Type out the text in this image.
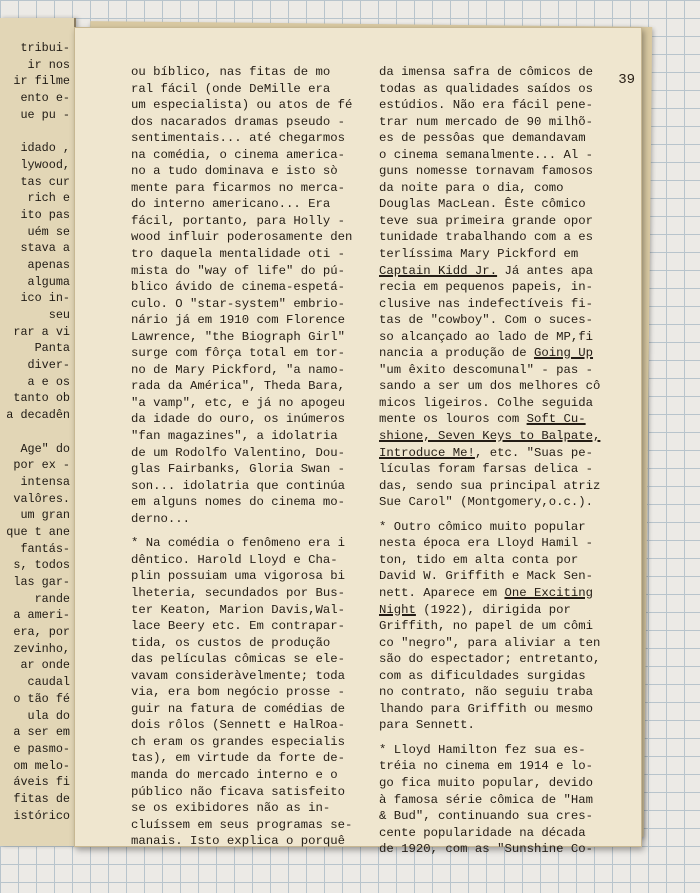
tribui-
ir nos
ir filme
ento e-
ue pu -
idado ,
lywood,
tas cur
rich e
ito pas
uém se
stava a
apenas
alguma
ico in-
seu
rar a vi
Panta
diver-
a e os
tanto ob
a decadên
Age" do
por ex -
intensa
valôres.
um gran
que t ane
fantás-
s, todos
las gar-
rande
a ameri-
era, por
zevinho,
ar onde
caudal
o tão fé
ula do
a ser em
e pasmo-
om melo-
áveis fi
fitas de
istórico
39
ou bíblico, nas fitas de mo
ral fácil (onde DeMille era
um especialista) ou atos de fé
dos nacarados dramas pseudo -
sentimentais... até chegarmos
na comédia, o cinema america-
no a tudo dominava e isto sò
mente para ficarmos no merca-
do interno americano... Era
fácil, portanto, para Holly -
wood influir poderosamente den
tro daquela mentalidade oti -
mista do "way of life" do pú-
blico ávido de cinema-espetá-
culo. O "star-system" embrio-
nário já em 1910 com Florence
Lawrence, "the Biograph Girl"
surge com fôrça total em tor-
no de Mary Pickford, "a namo-
rada da América", Theda Bara,
"a vamp", etc, e já no apogeu
da idade do ouro, os inúmeros
"fan magazines", a idolatria
de um Rodolfo Valentino, Dou-
glas Fairbanks, Gloria Swan -
son... idolatria que continúa
em alguns nomes do cinema mo-
derno...
* Na comédia o fenômeno era i
dêntico. Harold Lloyd e Cha-
plin possuiam uma vigorosa bi
lheteria, secundados por Bus-
ter Keaton, Marion Davis,Wal-
lace Beery etc. Em contrapar-
tida, os custos de produção
das películas cômicas se ele-
vavam consideràvelmente; toda
via, era bom negócio prosse -
guir na fatura de comédias de
dois rôlos (Sennett e HalRoa-
ch eram os grandes especialis
tas), em virtude da forte de-
manda do mercado interno e o
público não ficava satisfeito
se os exibidores não as in-
cluíssem em seus programas se-
manais. Isto explica o porquê
da imensa safra de cômicos de
todas as qualidades saídos os
estúdios. Não era fácil pene-
trar num mercado de 90 milhõ-
es de pessôas que demandavam
o cinema semanalmente... Al -
guns nomesse tornavam famosos
da noite para o dia, como
Douglas MacLean. Êste cômico
teve sua primeira grande opor
tunidade trabalhando com a es
terlíssima Mary Pickford em
Captain Kidd Jr. Já antes apa
recia em pequenos papeis, in-
clusive nas indefectíveis fi-
tas de "cowboy". Com o suces-
so alcançado ao lado de MP,fi
nancia a produção de Going Up
"um êxito descomunal" - pas -
sando a ser um dos melhores cô
micos ligeiros. Colhe seguida
mente os louros com Soft Cu-
shione, Seven Keys to Balpate,
Introduce Me!, etc. "Suas pe-
lículas foram farsas delica -
das, sendo sua principal atriz
Sue Carol" (Montgomery,o.c.).
* Outro cômico muito popular
nesta época era Lloyd Hamil -
ton, tido em alta conta por
David W. Griffith e Mack Sen-
nett. Aparece em One Exciting
Night (1922), dirigida por
Griffith, no papel de um cômi
co "negro", para aliviar a ten
são do espectador; entretanto,
com as dificuldades surgidas
no contrato, não seguiu traba
lhando para Griffith ou mesmo
para Sennett.
* Lloyd Hamilton fez sua es-
tréia no cinema em 1914 e lo-
go fica muito popular, devido
à famosa série cômica de "Ham
& Bud", continuando sua cres-
cente popularidade na década
de 1920, com as "Sunshine Co-
